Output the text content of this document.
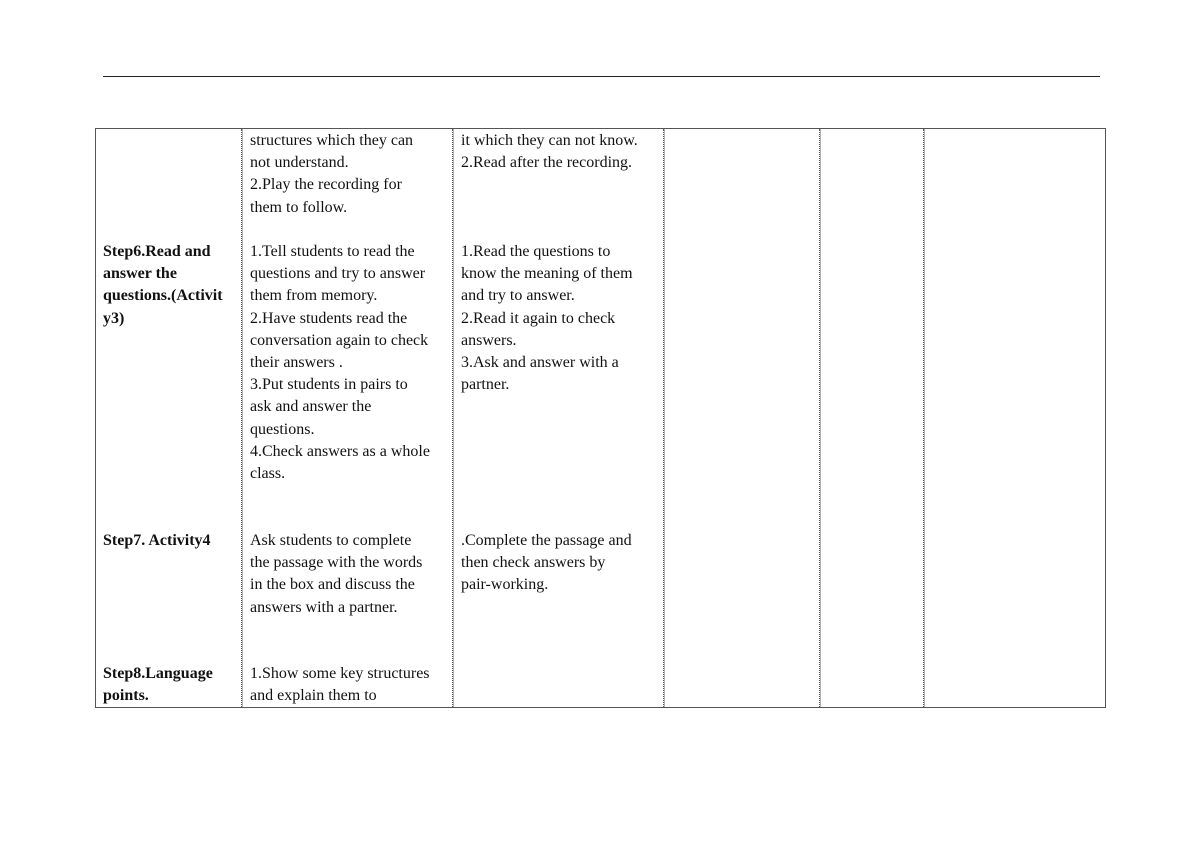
structures which they can
not understand.
2.Play the recording for
them to follow.
it which they can not know.
2.Read after the recording.
Step6.Read and
answer the
questions.(Activit
y3)
1.Tell students to read the
questions and try to answer
them from memory.
2.Have students read the
conversation again to check
their answers .
3.Put students in pairs to
ask and answer the
questions.
4.Check answers as a whole
class.
1.Read the questions to
know the meaning of them
and try to answer.
2.Read it again to check
answers.
3.Ask and answer with a
partner.
Step7. Activity4	Ask students to complete
the passage with the words
in the box and discuss the
answers with a partner.
.Complete the passage and
then check answers by
pair-working.
Step8.Language
points.
1.Show some key structures
and explain them to
